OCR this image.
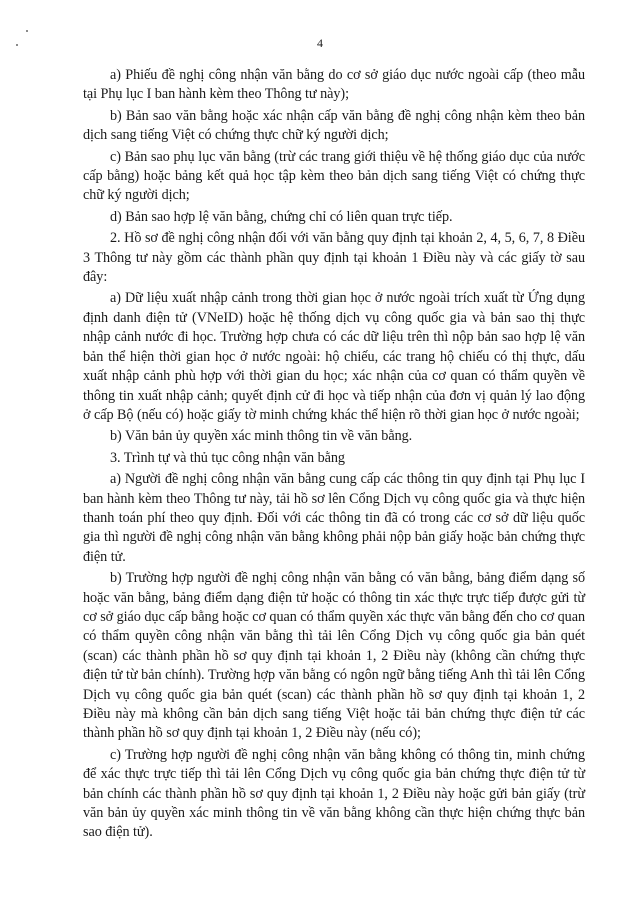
4

a) Phiếu đề nghị công nhận văn bằng do cơ sở giáo dục nước ngoài cấp (theo mẫu tại Phụ lục I ban hành kèm theo Thông tư này);

b) Bản sao văn bằng hoặc xác nhận cấp văn bằng đề nghị công nhận kèm theo bản dịch sang tiếng Việt có chứng thực chữ ký người dịch;

c) Bản sao phụ lục văn bằng (trừ các trang giới thiệu về hệ thống giáo dục của nước cấp bằng) hoặc bảng kết quả học tập kèm theo bản dịch sang tiếng Việt có chứng thực chữ ký người dịch;

d) Bản sao hợp lệ văn bằng, chứng chỉ có liên quan trực tiếp.

2. Hồ sơ đề nghị công nhận đối với văn bằng quy định tại khoản 2, 4, 5, 6, 7, 8 Điều 3 Thông tư này gồm các thành phần quy định tại khoản 1 Điều này và các giấy tờ sau đây:

a) Dữ liệu xuất nhập cảnh trong thời gian học ở nước ngoài trích xuất từ Ứng dụng định danh điện tử (VNeID) hoặc hệ thống dịch vụ công quốc gia và bản sao thị thực nhập cảnh nước đi học. Trường hợp chưa có các dữ liệu trên thì nộp bản sao hợp lệ văn bản thể hiện thời gian học ở nước ngoài: hộ chiếu, các trang hộ chiếu có thị thực, dấu xuất nhập cảnh phù hợp với thời gian du học; xác nhận của cơ quan có thẩm quyền về thông tin xuất nhập cảnh; quyết định cử đi học và tiếp nhận của đơn vị quản lý lao động ở cấp Bộ (nếu có) hoặc giấy tờ minh chứng khác thể hiện rõ thời gian học ở nước ngoài;

b) Văn bản ủy quyền xác minh thông tin về văn bằng.

3. Trình tự và thủ tục công nhận văn bằng

a) Người đề nghị công nhận văn bằng cung cấp các thông tin quy định tại Phụ lục I ban hành kèm theo Thông tư này, tải hồ sơ lên Cổng Dịch vụ công quốc gia và thực hiện thanh toán phí theo quy định. Đối với các thông tin đã có trong các cơ sở dữ liệu quốc gia thì người đề nghị công nhận văn bằng không phải nộp bản giấy hoặc bản chứng thực điện tử.

b) Trường hợp người đề nghị công nhận văn bằng có văn bằng, bảng điểm dạng số hoặc văn bằng, bảng điểm dạng điện tử hoặc có thông tin xác thực trực tiếp được gửi từ cơ sở giáo dục cấp bằng hoặc cơ quan có thẩm quyền xác thực văn bằng đến cho cơ quan có thẩm quyền công nhận văn bằng thì tải lên Cổng Dịch vụ công quốc gia bản quét (scan) các thành phần hồ sơ quy định tại khoản 1, 2 Điều này (không cần chứng thực điện tử từ bản chính). Trường hợp văn bằng có ngôn ngữ bằng tiếng Anh thì tải lên Cổng Dịch vụ công quốc gia bản quét (scan) các thành phần hồ sơ quy định tại khoản 1, 2 Điều này mà không cần bản dịch sang tiếng Việt hoặc tải bản chứng thực điện tử các thành phần hồ sơ quy định tại khoản 1, 2 Điều này (nếu có);

c) Trường hợp người đề nghị công nhận văn bằng không có thông tin, minh chứng để xác thực trực tiếp thì tải lên Cổng Dịch vụ công quốc gia bản chứng thực điện tử từ bản chính các thành phần hồ sơ quy định tại khoản 1, 2 Điều này hoặc gửi bản giấy (trừ văn bản ủy quyền xác minh thông tin về văn bằng không cần thực hiện chứng thực bản sao điện tử).
